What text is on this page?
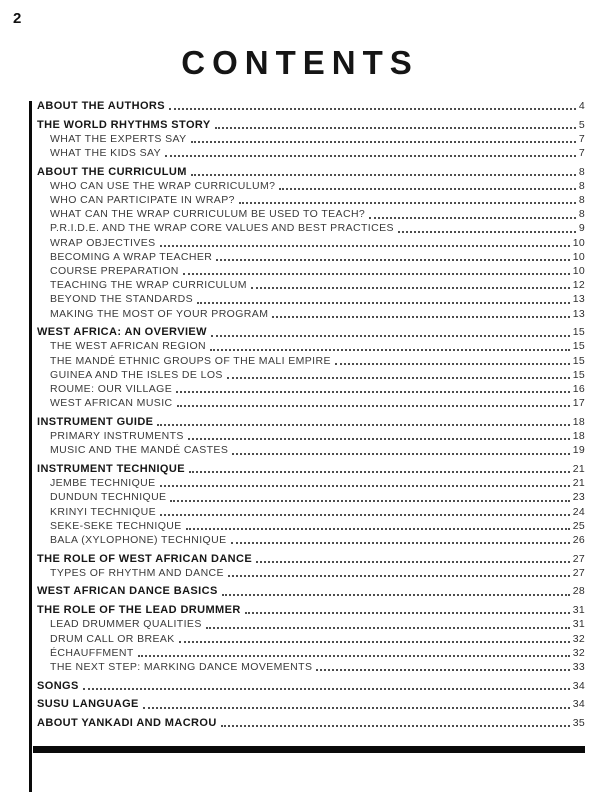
2
CONTENTS
ABOUT THE AUTHORS	4
THE WORLD RHYTHMS STORY	5
WHAT THE EXPERTS SAY	7
WHAT THE KIDS SAY	7
ABOUT THE CURRICULUM	8
WHO CAN USE THE WRAP CURRICULUM?	8
WHO CAN PARTICIPATE IN WRAP?	8
WHAT CAN THE WRAP CURRICULUM BE USED TO TEACH?	8
P.R.I.D.E. AND THE WRAP CORE VALUES AND BEST PRACTICES	9
WRAP OBJECTIVES	10
BECOMING A WRAP TEACHER	10
COURSE PREPARATION	10
TEACHING THE WRAP CURRICULUM	12
BEYOND THE STANDARDS	13
MAKING THE MOST OF YOUR PROGRAM	13
WEST AFRICA: AN OVERVIEW	15
THE WEST AFRICAN REGION	15
THE MANDÉ ETHNIC GROUPS OF THE MALI EMPIRE	15
GUINEA AND THE ISLES DE LOS	15
ROUME: OUR VILLAGE	16
WEST AFRICAN MUSIC	17
INSTRUMENT GUIDE	18
PRIMARY INSTRUMENTS	18
MUSIC AND THE MANDÉ CASTES	19
INSTRUMENT TECHNIQUE	21
JEMBE TECHNIQUE	21
DUNDUN TECHNIQUE	23
KRINYI TECHNIQUE	24
SEKE-SEKE TECHNIQUE	25
BALA (XYLOPHONE) TECHNIQUE	26
THE ROLE OF WEST AFRICAN DANCE	27
TYPES OF RHYTHM AND DANCE	27
WEST AFRICAN DANCE BASICS	28
THE ROLE OF THE LEAD DRUMMER	31
LEAD DRUMMER QUALITIES	31
DRUM CALL OR BREAK	32
ÉCHAUFFMENT	32
THE NEXT STEP: MARKING DANCE MOVEMENTS	33
SONGS	34
SUSU LANGUAGE	34
ABOUT YANKADI AND MACROU	35
